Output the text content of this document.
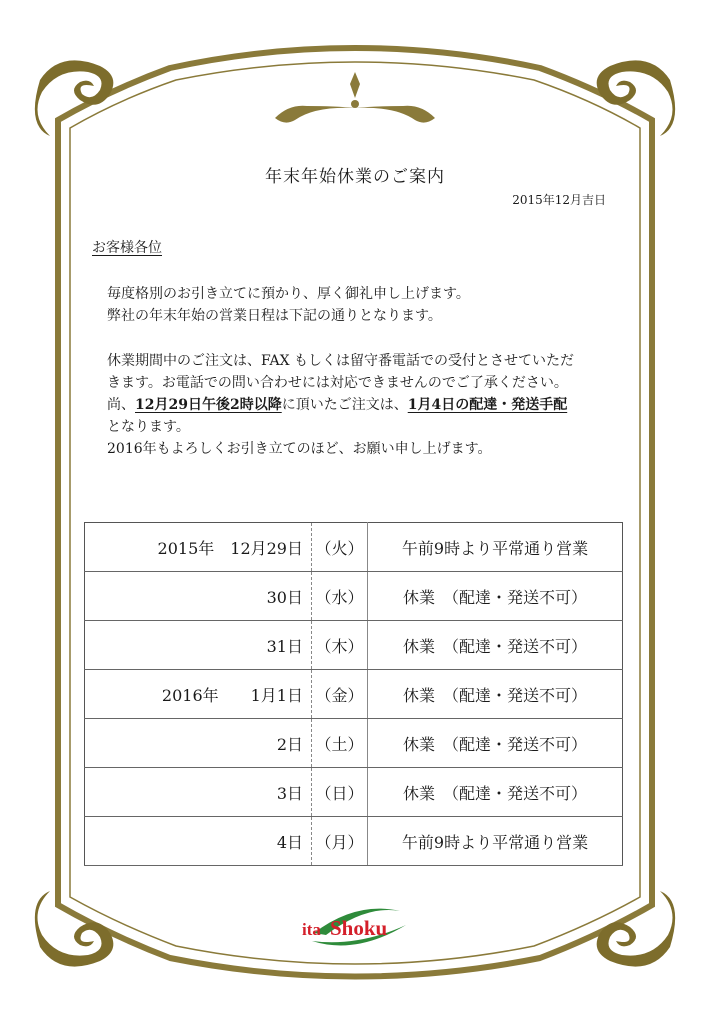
年末年始休業のご案内
2015年12月吉日
お客様各位
毎度格別のお引き立てに預かり、厚く御礼申し上げます。
弊社の年末年始の営業日程は下記の通りとなります。
休業期間中のご注文は、FAX もしくは留守番電話での受付とさせていただ
きます。お電話での問い合わせには対応できませんのでご了承ください。
尚、12月29日午後2時以降に頂いたご注文は、1月4日の配達・発送手配
となります。
2016年もよろしくお引き立てのほど、お願い申し上げます。
2015年　12月29日	（火）	午前9時より平常通り営業
30日	（水）	休業　（配達・発送不可）
31日	（木）	休業　（配達・発送不可）
2016年　　1月1日	（金）	休業　（配達・発送不可）
2日	（土）	休業　（配達・発送不可）
3日	（日）	休業　（配達・発送不可）
4日	（月）	午前9時より平常通り営業
ita Shoku
